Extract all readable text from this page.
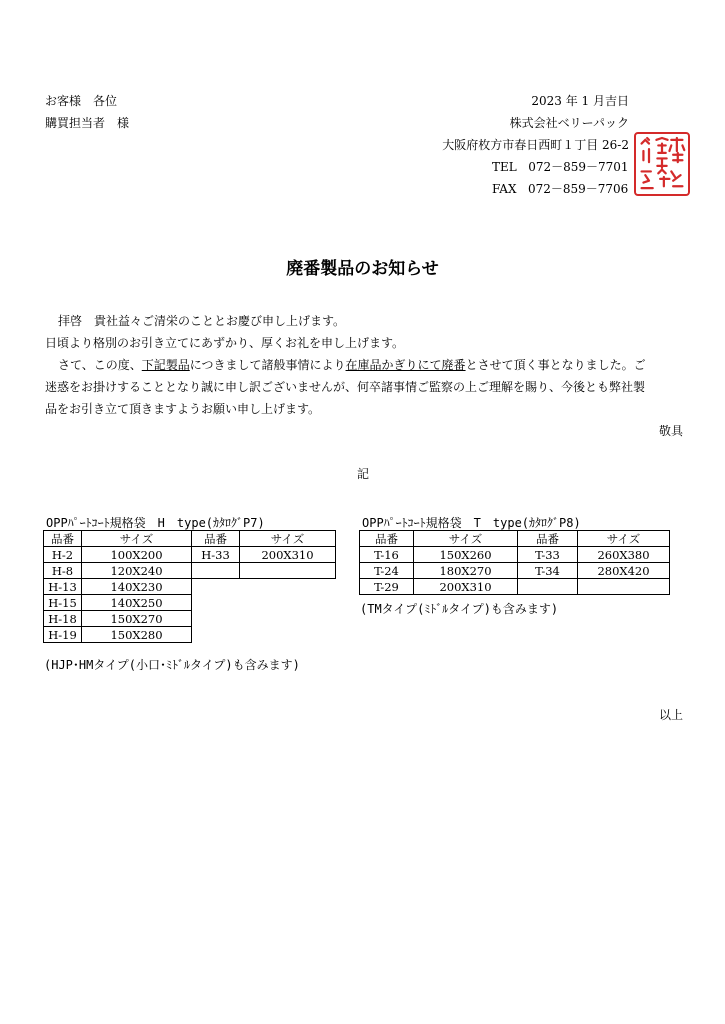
お客様　各位
購買担当者　様
2023 年 1 月吉日
株式会社ベリーパック
大阪府枚方市春日西町１丁目 26-2
TEL 072－859－7701
FAX 072－859－7706
廃番製品のお知らせ
拝啓　貴社益々ご清栄のこととお慶び申し上げます。
日頃より格別のお引き立てにあずかり、厚くお礼を申し上げます。
さて、この度、下記製品につきまして諸般事情により在庫品かぎりにて廃番とさせて頂く事となりました。ご
迷惑をお掛けすることとなり誠に申し訳ございませんが、何卒諸事情ご監察の上ご理解を賜り、今後とも弊社製
品をお引き立て頂きますようお願い申し上げます。
敬具
記
OPPﾊﾟｰﾄｺｰﾄ規格袋　H　type(ｶﾀﾛｸﾞP7)
品番	サイズ	品番	サイズ
H-2	100X200	H-33	200X310
H-8	120X240		
H-13	140X230		
H-15	140X250		
H-18	150X270		
H-19	150X280		
(HJP･HMタイプ(小口･ﾐﾄﾞﾙタイプ)も含みます)
OPPﾊﾟｰﾄｺｰﾄ規格袋　T　type(ｶﾀﾛｸﾞP8)
品番	サイズ	品番	サイズ
T-16	150X260	T-33	260X380
T-24	180X270	T-34	280X420
T-29	200X310		
(TMタイプ(ﾐﾄﾞﾙタイプ)も含みます)
以上
